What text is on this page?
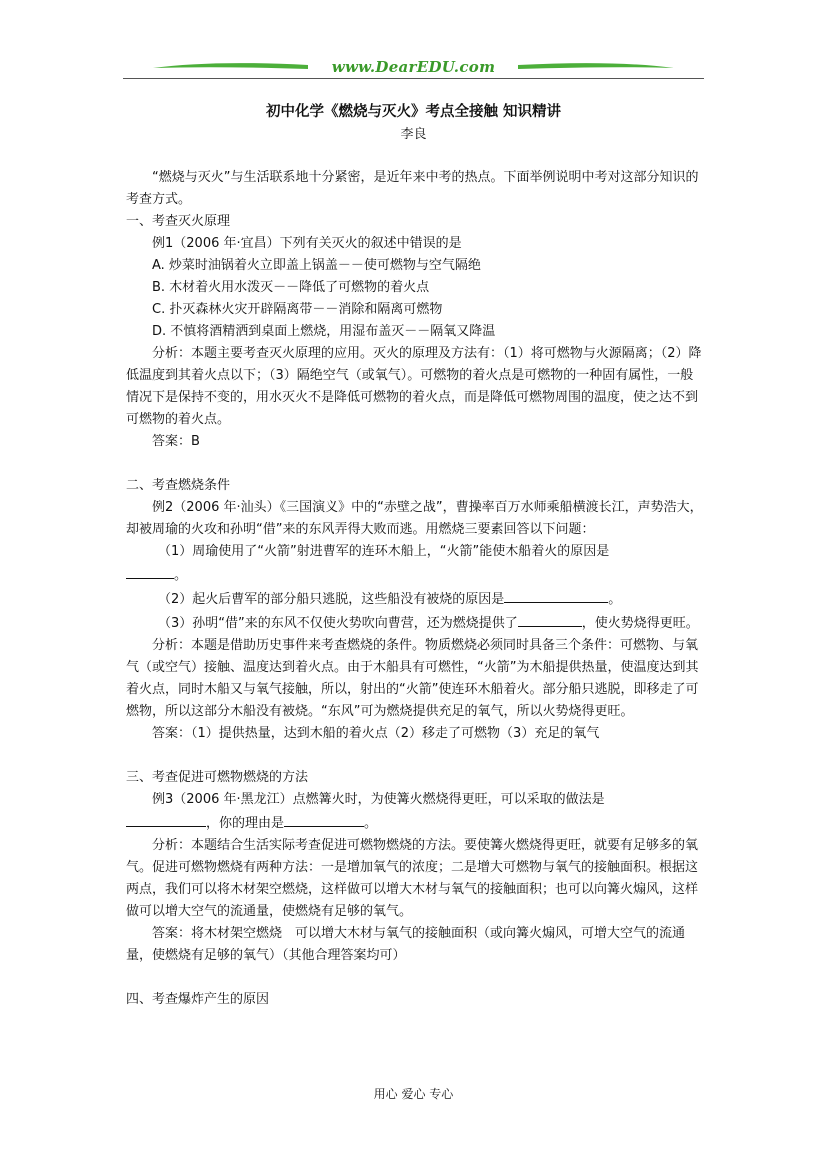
www.DearEDU.com
初中化学《燃烧与灭火》考点全接触 知识精讲
李良

“燃烧与灭火”与生活联系地十分紧密，是近年来中考的热点。下面举例说明中考对这部分知识的考查方式。

一、考查灭火原理

例1（2006 年·宜昌）下列有关灭火的叙述中错误的是

A. 炒菜时油锅着火立即盖上锅盖－－使可燃物与空气隔绝

B. 木材着火用水泼灭－－降低了可燃物的着火点

C. 扑灭森林火灾开辟隔离带－－消除和隔离可燃物

D. 不慎将酒精洒到桌面上燃烧，用湿布盖灭－－隔氧又降温

分析：本题主要考查灭火原理的应用。灭火的原理及方法有：（1）将可燃物与火源隔离；（2）降低温度到其着火点以下；（3）隔绝空气（或氧气）。可燃物的着火点是可燃物的一种固有属性，一般情况下是保持不变的，用水灭火不是降低可燃物的着火点，而是降低可燃物周围的温度，使之达不到可燃物的着火点。

答案：B

二、考查燃烧条件

例2（2006 年·汕头）《三国演义》中的“赤壁之战”，曹操率百万水师乘船横渡长江，声势浩大，却被周瑜的火攻和孙明“借”来的东风弄得大败而逃。用燃烧三要素回答以下问题：

（1）周瑜使用了“火箭”射进曹军的连环木船上，“火箭”能使木船着火的原因是

。

（2）起火后曹军的部分船只逃脱，这些船没有被烧的原因是	。

（3）孙明“借”来的东风不仅使火势吹向曹营，还为燃烧提供了	，使火势烧得更旺。

分析：本题是借助历史事件来考查燃烧的条件。物质燃烧必须同时具备三个条件：可燃物、与氧气（或空气）接触、温度达到着火点。由于木船具有可燃性，“火箭”为木船提供热量，使温度达到其着火点，同时木船又与氧气接触，所以，射出的“火箭”使连环木船着火。部分船只逃脱，即移走了可燃物，所以这部分木船没有被烧。“东风”可为燃烧提供充足的氧气，所以火势烧得更旺。

答案：（1）提供热量，达到木船的着火点（2）移走了可燃物（3）充足的氧气

三、考查促进可燃物燃烧的方法

例3（2006 年·黑龙江）点燃篝火时，为使篝火燃烧得更旺，可以采取的做法是

，你的理由是	。

分析：本题结合生活实际考查促进可燃物燃烧的方法。要使篝火燃烧得更旺，就要有足够多的氧气。促进可燃物燃烧有两种方法：一是增加氧气的浓度；二是增大可燃物与氧气的接触面积。根据这两点，我们可以将木材架空燃烧，这样做可以增大木材与氧气的接触面积；也可以向篝火煽风，这样做可以增大空气的流通量，使燃烧有足够的氧气。

答案：将木材架空燃烧　可以增大木材与氧气的接触面积（或向篝火煽风，可增大空气的流通量，使燃烧有足够的氧气）（其他合理答案均可）

四、考查爆炸产生的原因

用心 爱心 专心
